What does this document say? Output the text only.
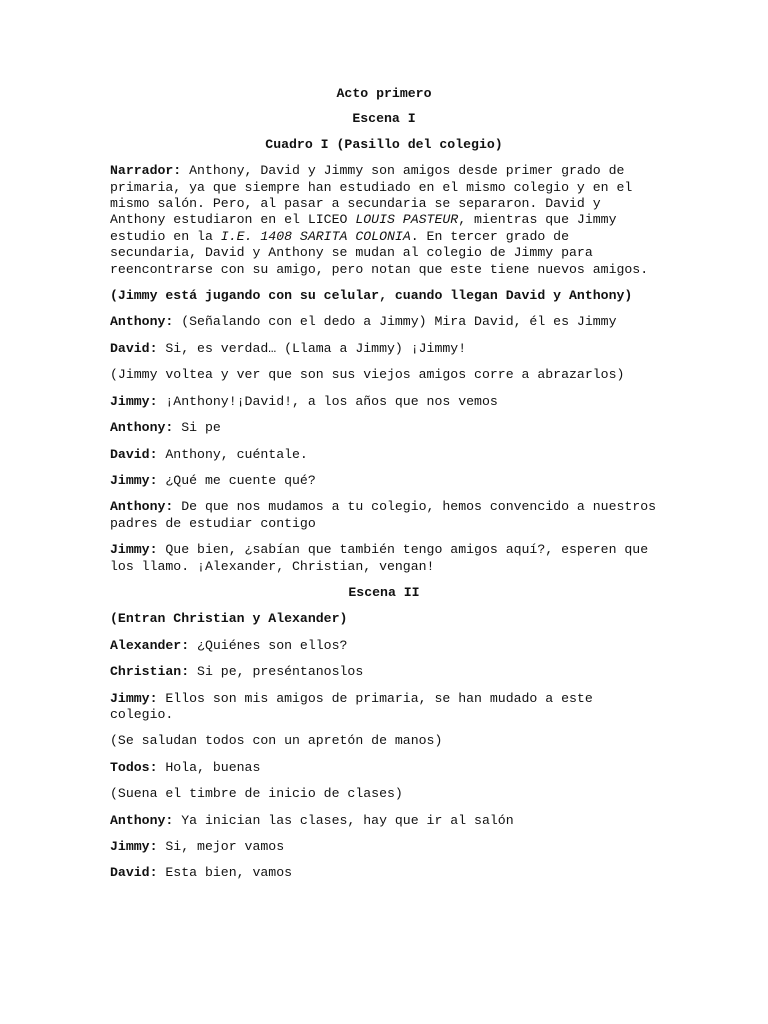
Acto primero
Escena I
Cuadro I (Pasillo del colegio)

Narrador: Anthony, David y Jimmy son amigos desde primer grado de primaria, ya que siempre han estudiado en el mismo colegio y en el mismo salón. Pero, al pasar a secundaria se separaron. David y Anthony estudiaron en el LICEO LOUIS PASTEUR, mientras que Jimmy estudio en la I.E. 1408 SARITA COLONIA. En tercer grado de secundaria, David y Anthony se mudan al colegio de Jimmy para reencontrarse con su amigo, pero notan que este tiene nuevos amigos.

(Jimmy está jugando con su celular, cuando llegan David y Anthony)

Anthony: (Señalando con el dedo a Jimmy) Mira David, él es Jimmy

David: Si, es verdad… (Llama a Jimmy) ¡Jimmy!

(Jimmy voltea y ver que son sus viejos amigos corre a abrazarlos)

Jimmy: ¡Anthony!¡David!, a los años que nos vemos

Anthony: Si pe

David: Anthony, cuéntale.

Jimmy: ¿Qué me cuente qué?

Anthony: De que nos mudamos a tu colegio, hemos convencido a nuestros padres de estudiar contigo

Jimmy: Que bien, ¿sabían que también tengo amigos aquí?, esperen que los llamo. ¡Alexander, Christian, vengan!

Escena II

(Entran Christian y Alexander)

Alexander: ¿Quiénes son ellos?

Christian: Si pe, preséntanoslos

Jimmy: Ellos son mis amigos de primaria, se han mudado a este colegio.

(Se saludan todos con un apretón de manos)

Todos: Hola, buenas

(Suena el timbre de inicio de clases)

Anthony: Ya inician las clases, hay que ir al salón

Jimmy: Si, mejor vamos

David: Esta bien, vamos
